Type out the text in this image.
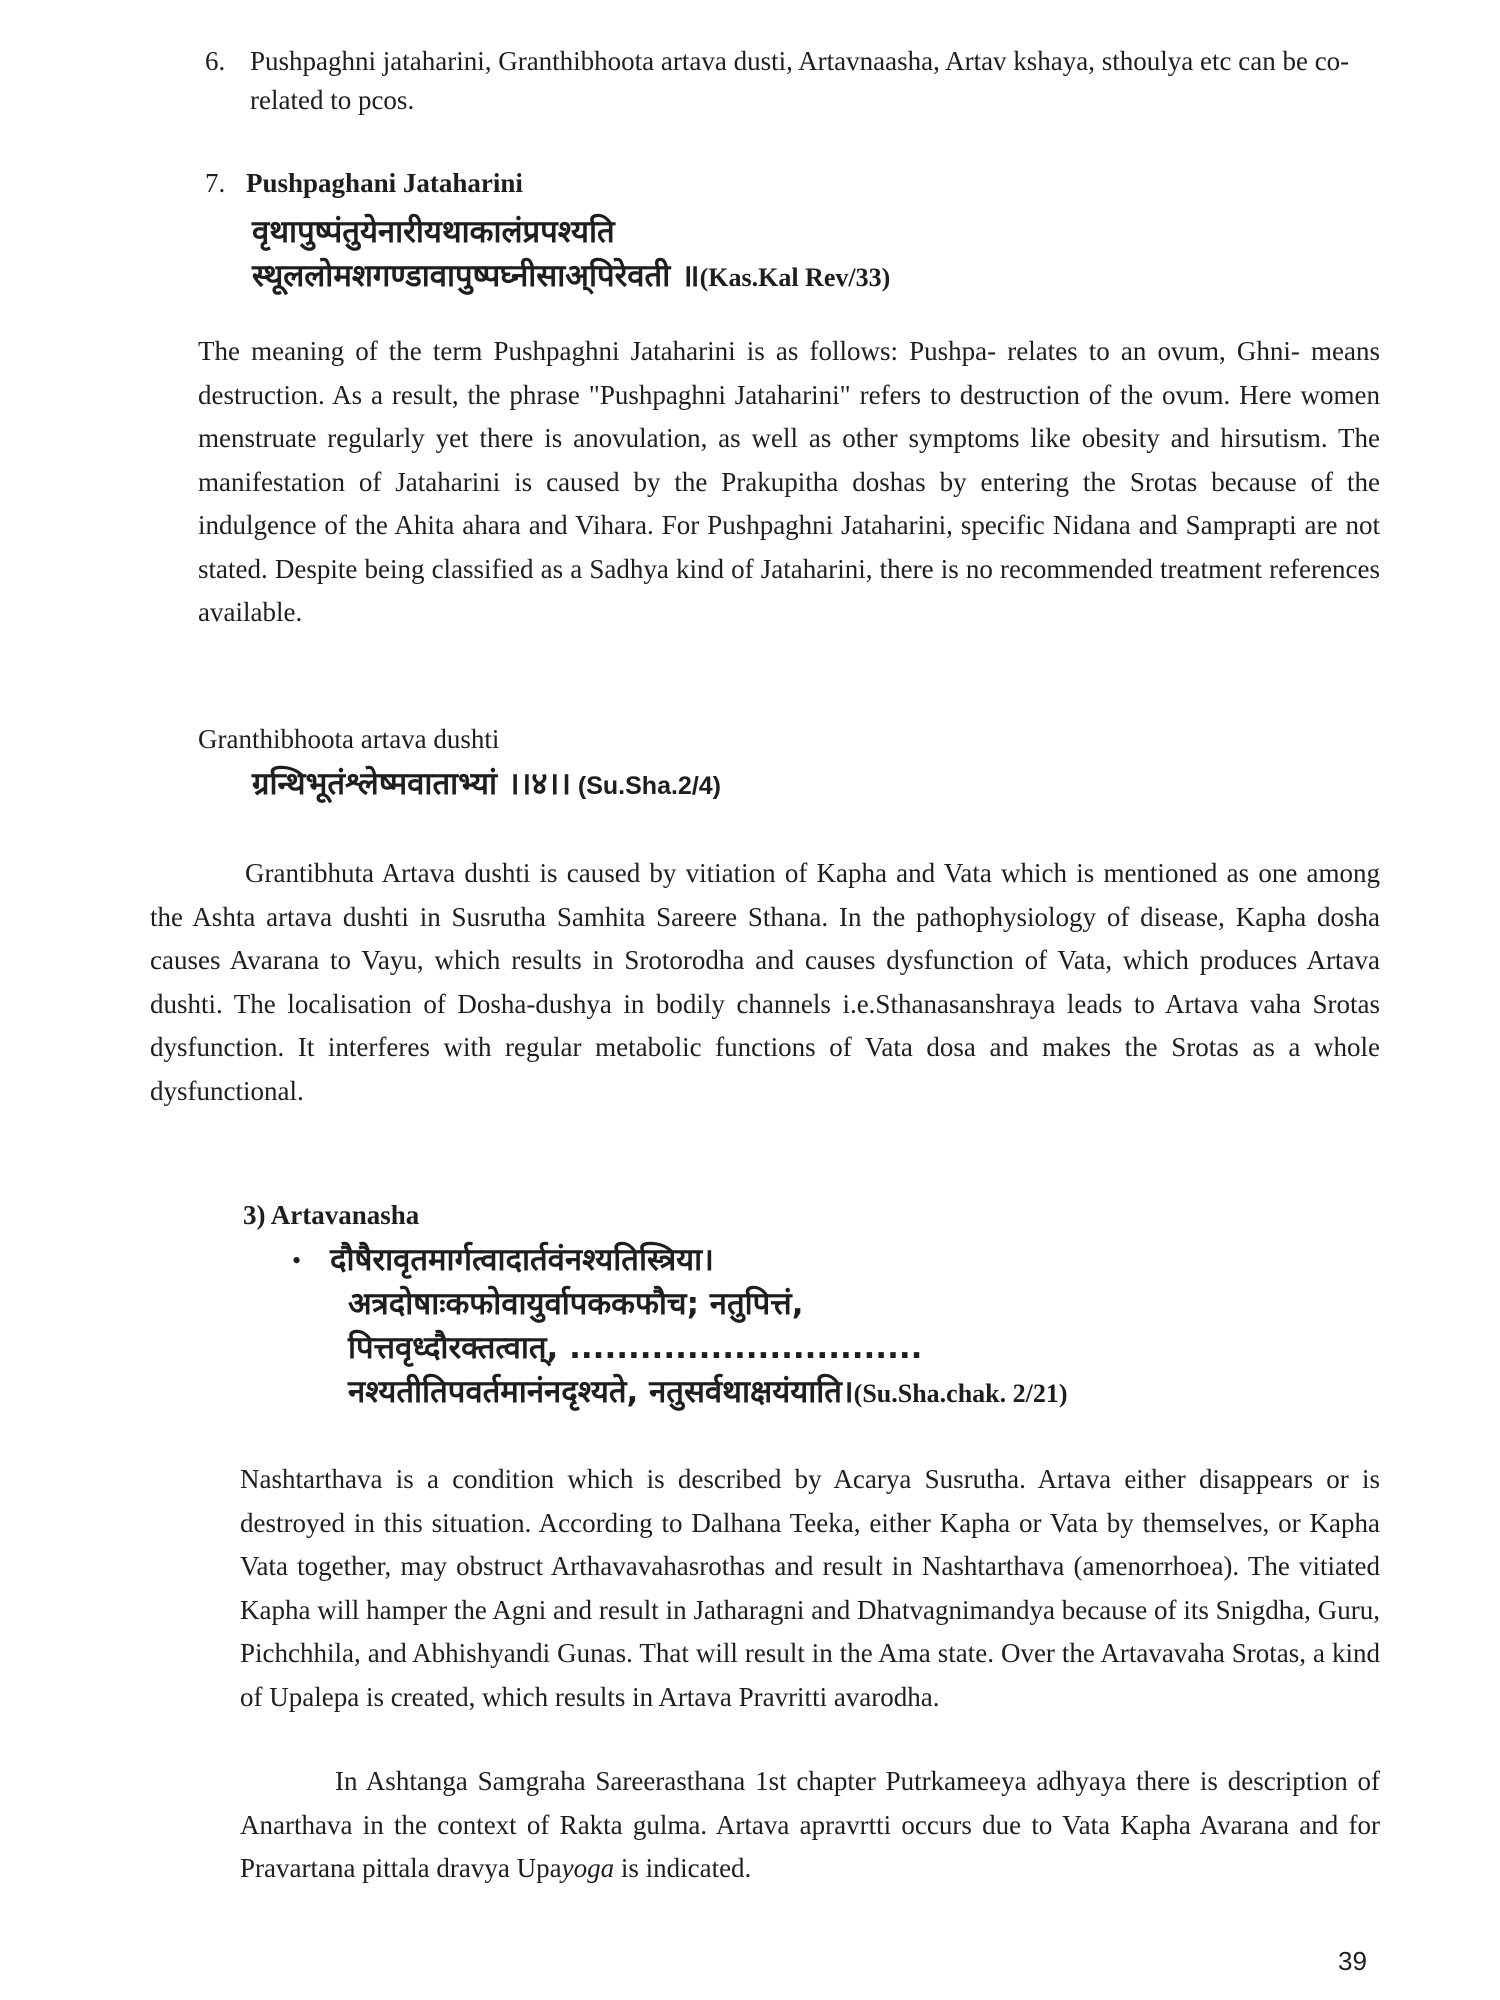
6. Pushpaghni jataharini, Granthibhoota artava dusti, Artavnaasha, Artav kshaya, sthoulya etc can be co-related to pcos.
7. Pushpaghani Jataharini
वृथापुष्पंतुयेनारीयथाकालंप्रपश्यति
स्थूललोमशगण्डावापुष्पघ्नीसाअ्पिरेवती ॥(Kas.Kal Rev/33)
The meaning of the term Pushpaghni Jataharini is as follows: Pushpa- relates to an ovum, Ghni- means destruction. As a result, the phrase "Pushpaghni Jataharini" refers to destruction of the ovum. Here women menstruate regularly yet there is anovulation, as well as other symptoms like obesity and hirsutism. The manifestation of Jataharini is caused by the Prakupitha doshas by entering the Srotas because of the indulgence of the Ahita ahara and Vihara. For Pushpaghni Jataharini, specific Nidana and Samprapti are not stated. Despite being classified as a Sadhya kind of Jataharini, there is no recommended treatment references available.
Granthibhoota artava dushti
ग्रन्थिभूतंश्लेष्मवाताभ्यां ।।४।। (Su.Sha.2/4)
Grantibhuta Artava dushti is caused by vitiation of Kapha and Vata which is mentioned as one among the Ashta artava dushti in Susrutha Samhita Sareere Sthana. In the pathophysiology of disease, Kapha dosha causes Avarana to Vayu, which results in Srotorodha and causes dysfunction of Vata, which produces Artava dushti. The localisation of Dosha-dushya in bodily channels i.e.Sthanasanshraya leads to Artava vaha Srotas dysfunction. It interferes with regular metabolic functions of Vata dosa and makes the Srotas as a whole dysfunctional.
3) Artavanasha
• दौषैरावृतमार्गत्वादार्तवंनश्यतिस्त्रिया।
अत्रदोषाःकफोवायुर्वापककफौच; नतुपित्तं,
पित्तवृध्दौरक्तत्वात्, ..............................
नश्यतीतिपवर्तमानंनदृश्यते, नतुसर्वथाक्षयंयाति।(Su.Sha.chak. 2/21)
Nashtarthava is a condition which is described by Acarya Susrutha. Artava either disappears or is destroyed in this situation. According to Dalhana Teeka, either Kapha or Vata by themselves, or Kapha Vata together, may obstruct Arthavavahasrothas and result in Nashtarthava (amenorrhoea). The vitiated Kapha will hamper the Agni and result in Jatharagni and Dhatvagnimandya because of its Snigdha, Guru, Pichchhila, and Abhishyandi Gunas. That will result in the Ama state. Over the Artavavaha Srotas, a kind of Upalepa is created, which results in Artava Pravritti avarodha.
In Ashtanga Samgraha Sareerasthana 1st chapter Putrkameeya adhyaya there is description of Anarthava in the context of Rakta gulma. Artava apravrtti occurs due to Vata Kapha Avarana and for Pravartana pittala dravya Upayoga is indicated.
39
